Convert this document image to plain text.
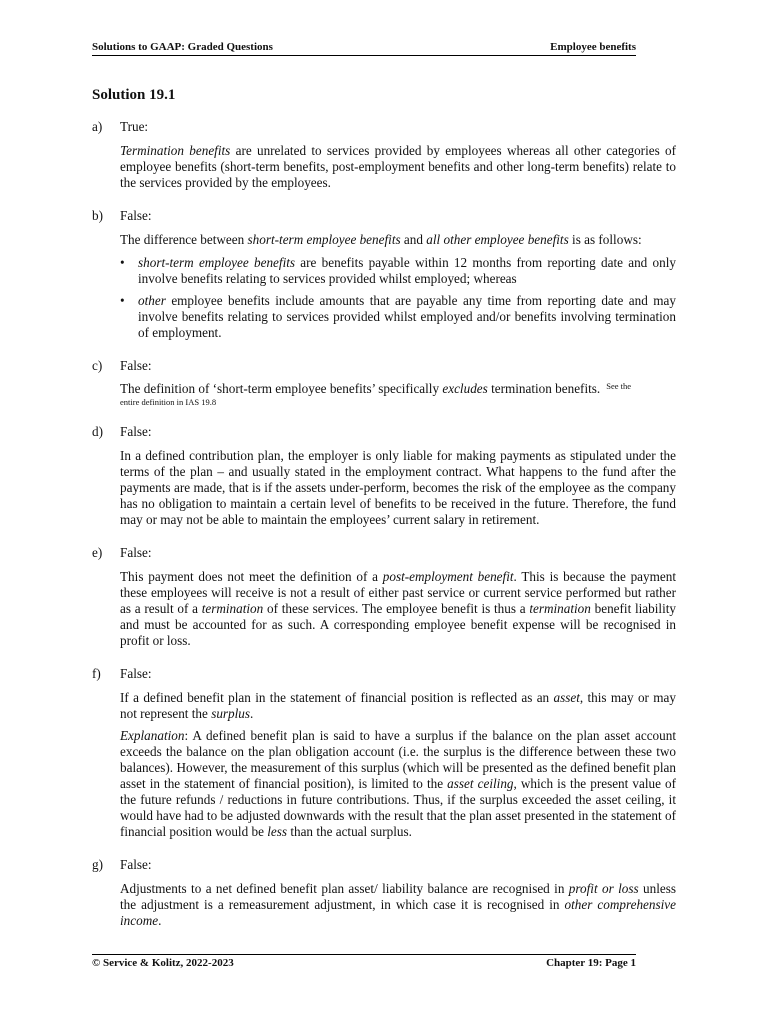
Solutions to GAAP: Graded Questions	Employee benefits
Solution 19.1
a)	True:

Termination benefits are unrelated to services provided by employees whereas all other categories of employee benefits (short-term benefits, post-employment benefits and other long-term benefits) relate to the services provided by the employees.

b)	False:

The difference between short-term employee benefits and all other employee benefits is as follows:

• short-term employee benefits are benefits payable within 12 months from reporting date and only involve benefits relating to services provided whilst employed; whereas
• other employee benefits include amounts that are payable any time from reporting date and may involve benefits relating to services provided whilst employed and/or benefits involving termination of employment.
c)	False:

The definition of ‘short-term employee benefits’ specifically excludes termination benefits. $^{See the}$

entire definition in IAS 19.8
d)	False:

In a defined contribution plan, the employer is only liable for making payments as stipulated under the terms of the plan – and usually stated in the employment contract. What happens to the fund after the payments are made, that is if the assets under-perform, becomes the risk of the employee as the company has no obligation to maintain a certain level of benefits to be received in the future. Therefore, the fund may or may not be able to maintain the employees’ current salary in retirement.

e)	False:

This payment does not meet the definition of a post-employment benefit. This is because the payment these employees will receive is not a result of either past service or current service performed but rather as a result of a termination of these services. The employee benefit is thus a termination benefit liability and must be accounted for as such. A corresponding employee benefit expense will be recognised in profit or loss.

f)	False:

If a defined benefit plan in the statement of financial position is reflected as an asset, this may or may not represent the surplus.

Explanation: A defined benefit plan is said to have a surplus if the balance on the plan asset account exceeds the balance on the plan obligation account (i.e. the surplus is the difference between these two balances). However, the measurement of this surplus (which will be presented as the defined benefit plan asset in the statement of financial position), is limited to the asset ceiling, which is the present value of the future refunds / reductions in future contributions. Thus, if the surplus exceeded the asset ceiling, it would have had to be adjusted downwards with the result that the plan asset presented in the statement of financial position would be less than the actual surplus.

g)	False:

Adjustments to a net defined benefit plan asset/ liability balance are recognised in profit or loss unless the adjustment is a remeasurement adjustment, in which case it is recognised in other comprehensive income.

© Service & Kolitz, 2022-2023	Chapter 19: Page 1
